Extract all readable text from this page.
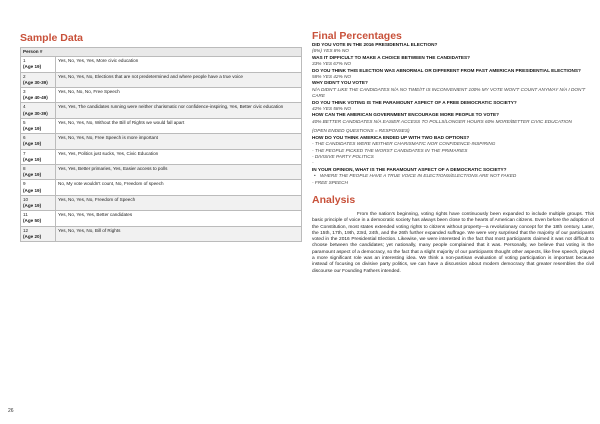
Sample Data
Person #	

1
(Age 19)	Yes, No, Yes, Yes, More civic education

2
(Age 30-39)	Yes, No, Yes, No, Elections that are not predetermined and where people have a true voice

3
(Age 40-49)	Yes, No, No, No, Free Speech

4
(Age 30-39)	Yes, Yes, The candidates running were neither charismatic nor confidence-inspiring, Yes, Better civic education

5
(Age 19)	Yes, No, Yes, No, Without the Bill of Rights we would fall apart

6
(Age 19)	Yes, No, Yes, No, Free Speech is more important

7
(Age 19)	Yes, Yes, Politics just sucks, Yes, Civic Education

8
(Age 19)	Yes, Yes, Better primaries, Yes, Easier access to polls

9
(Age 19)	No, My vote wouldn't count, No, Freedom of speech

10
(Age 19)	Yes, No, Yes, No, Freedom of Speech

11
(Age 50)	Yes, No, Yes, Yes, Better candidates

12
(Age 20)	Yes, No, Yes, No, Bill of Rights
Final Percentages
DID YOU VOTE IN THE 2016 PRESIDENTIAL ELECTION?
(6%) YES 8% NO
WAS IT DIFFICULT TO MAKE A CHOICE BETWEEN THE CANDIDATES?
33% YES 67% NO
DO YOU THINK THIS ELECTION WAS ABNORMAL OR DIFFERENT FROM PAST AMERICAN PRESIDENTIAL ELECTIONS?
58% YES 42% NO
WHY DIDN'T YOU VOTE?
N/A DIDN'T LIKE THE CANDIDATES N/A NO TIME/IT IS INCONVENIENT 100% MY VOTE WON'T COUNT ANYWAY N/A I DON'T CARE
DO YOU THINK VOTING IS THE PARAMOUNT ASPECT OF A FREE DEMOCRATIC SOCIETY?
42% YES 58% NO
HOW CAN THE AMERICAN GOVERNMENT ENCOURAGE MORE PEOPLE TO VOTE?
40% BETTER CANDIDATES N/A EASIER ACCESS TO POLLS/LONGER HOURS 60% MORE/BETTER CIVIC EDUCATION
(OPEN ENDED QUESTIONS = RESPONSES)
HOW DO YOU THINK AMERICA ENDED UP WITH TWO BAD OPTIONS?
- THE CANDIDATES WERE NEITHER CHARISMATIC NOR CONFIDENCE-INSPIRING
- THE PEOPLE PICKED THE WORST CANDIDATES IN THE PRIMARIES
- DIVISIVE PARTY POLITICS
-
IN YOUR OPINION, WHAT IS THE PARAMOUNT ASPECT OF A DEMOCRATIC SOCIETY?
• WHERE THE PEOPLE HAVE A TRUE VOICE IN ELECTIONS/ELECTIONS ARE NOT FAKED
- FREE SPEECH
Analysis

From the nation's beginning, voting rights have continuously been expanded to include multiple groups. This basic principle of voice in a democratic society has always been close to the hearts of American citizens. Even before the adoption of the Constitution, most states extended voting rights to citizens without property—a revolutionary concept for the 18th century. Later, the 15th, 17th, 19th, 23rd, 24th, and the 26th further expanded suffrage. We were very surprised that the majority of our participants voted in the 2016 Presidential Election. Likewise, we were interested in the fact that most participants claimed it was not difficult to choose between the candidates; yet nationally, many people complained that it was. Personally, we believe that voting is the paramount aspect of a democracy, so the fact that a slight majority of our participants thought other aspects, like free speech, played a more significant role was an interesting idea. We think a non-partisan evaluation of voting participation is important because instead of focusing on divisive party politics, we can have a discussion about modern democracy that greater resembles the civil discourse our Founding Fathers intended.

26
